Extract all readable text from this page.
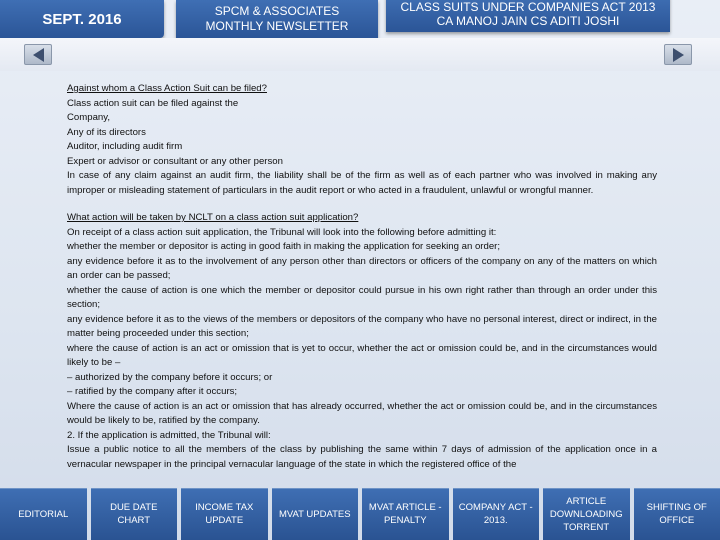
SEPT. 2016	SPCM & ASSOCIATES
MONTHLY NEWSLETTER
CLASS SUITS UNDER COMPANIES ACT 2013
CA MANOJ JAIN CS ADITI JOSHI

Against whom a Class Action Suit can be filed?

Class action suit can be filed against the

Company,

Any of its directors

Auditor, including audit firm

Expert or advisor or consultant or any other person

In case of any claim against an audit firm, the liability shall be of the firm as well as of each partner who was involved in making any improper or misleading statement of particulars in the audit report or who acted in a fraudulent, unlawful or wrongful manner.

What action will be taken by NCLT on a class action suit application?

On receipt of a class action suit application, the Tribunal will look into the following before admitting it:

whether the member or depositor is acting in good faith in making the application for seeking an order;

any evidence before it as to the involvement of any person other than directors or officers of the company on any of the matters on which an order can be passed;

whether the cause of action is one which the member or depositor could pursue in his own right rather than through an order under this section;

any evidence before it as to the views of the members or depositors of the company who have no personal interest, direct or indirect, in the matter being proceeded under this section;

where the cause of action is an act or omission that is yet to occur, whether the act or omission could be, and in the circumstances would likely to be –

– authorized by the company before it occurs; or

– ratified by the company after it occurs;

Where the cause of action is an act or omission that has already occurred, whether the act or omission could be, and in the circumstances would be likely to be, ratified by the company.

2. If the application is admitted, the Tribunal will:

Issue a public notice to all the members of the class by publishing the same within 7 days of admission of the application once in a vernacular newspaper in the principal vernacular language of the state in which the registered office of the

EDITORIAL
DUE DATE CHART
INCOME TAX UPDATE
MVAT UPDATES
MVAT ARTICLE - PENALTY
COMPANY ACT - 2013.
ARTICLE DOWNLOADING TORRENT
SHIFTING OF OFFICE
